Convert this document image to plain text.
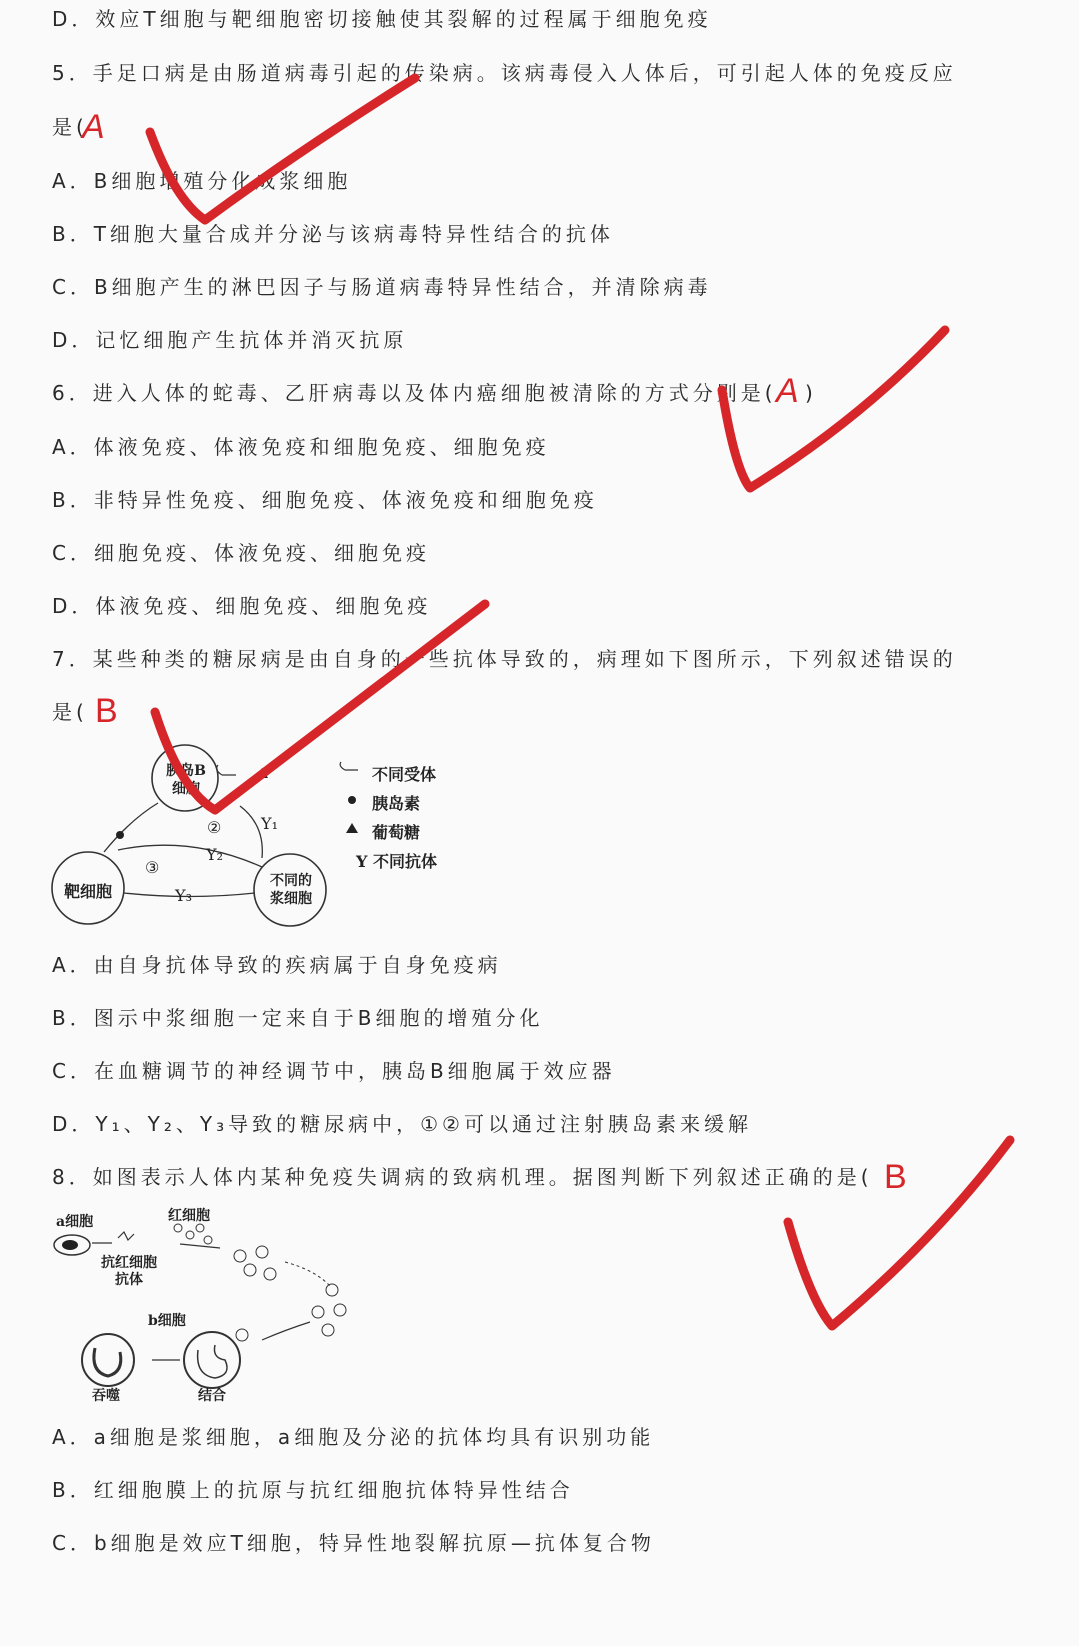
D．效应T细胞与靶细胞密切接触使其裂解的过程属于细胞免疫
5．手足口病是由肠道病毒引起的传染病。该病毒侵入人体后，可引起人体的免疫反应
是(
A
A．B细胞增殖分化成浆细胞
B．T细胞大量合成并分泌与该病毒特异性结合的抗体
C．B细胞产生的淋巴因子与肠道病毒特异性结合，并清除病毒
D．记忆细胞产生抗体并消灭抗原
6．进入人体的蛇毒、乙肝病毒以及体内癌细胞被清除的方式分别是( A )
A．体液免疫、体液免疫和细胞免疫、细胞免疫
B．非特异性免疫、细胞免疫、体液免疫和细胞免疫
C．细胞免疫、体液免疫、细胞免疫
D．体液免疫、细胞免疫、细胞免疫
7．某些种类的糖尿病是由自身的一些抗体导致的，病理如下图所示，下列叙述错误的
是( B
胰岛B细胞
靶细胞
不同的浆细胞
②
③
Y₁
Y₂
Y₃
不同受体
胰岛素
葡萄糖
Y 不同抗体
A．由自身抗体导致的疾病属于自身免疫病
B．图示中浆细胞一定来自于B细胞的增殖分化
C．在血糖调节的神经调节中，胰岛B细胞属于效应器
D．Y₁、Y₂、Y₃导致的糖尿病中，①②可以通过注射胰岛素来缓解
8．如图表示人体内某种免疫失调病的致病机理。据图判断下列叙述正确的是( B
a细胞	红细胞
抗红细胞抗体
b细胞
吞噬	结合
A．a细胞是浆细胞，a细胞及分泌的抗体均具有识别功能
B．红细胞膜上的抗原与抗红细胞抗体特异性结合
C．b细胞是效应T细胞，特异性地裂解抗原—抗体复合物
